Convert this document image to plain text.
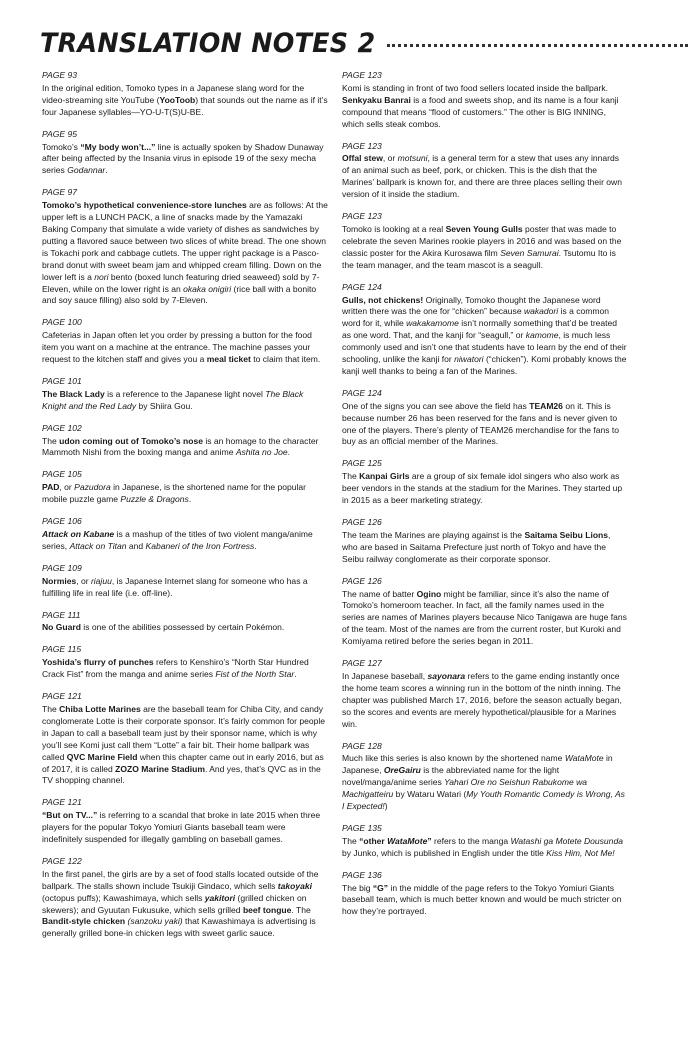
TRANSLATION NOTES 2
PAGE 93
In the original edition, Tomoko types in a Japanese slang word for the video-streaming site YouTube (YooToob) that sounds out the name as if it’s four Japanese syllables—YO-U-T(S)U-BE.
PAGE 95
Tomoko’s “My body won’t...” line is actually spoken by Shadow Dunaway after being affected by the Insania virus in episode 19 of the sexy mecha series Godannar.
PAGE 97
Tomoko’s hypothetical convenience-store lunches are as follows: At the upper left is a LUNCH PACK, a line of snacks made by the Yamazaki Baking Company that simulate a wide variety of dishes as sandwiches by putting a flavored sauce between two slices of white bread. The one shown is Tokachi pork and cabbage cutlets. The upper right package is a Pasco-brand donut with sweet beam jam and whipped cream filling. Down on the lower left is a nori bento (boxed lunch featuring dried seaweed) sold by 7-Eleven, while on the lower right is an okaka onigiri (rice ball with a bonito and soy sauce filling) also sold by 7-Eleven.
PAGE 100
Cafeterias in Japan often let you order by pressing a button for the food item you want on a machine at the entrance. The machine passes your request to the kitchen staff and gives you a meal ticket to claim that item.
PAGE 101
The Black Lady is a reference to the Japanese light novel The Black Knight and the Red Lady by Shiira Gou.
PAGE 102
The udon coming out of Tomoko’s nose is an homage to the character Mammoth Nishi from the boxing manga and anime Ashita no Joe.
PAGE 105
PAD, or Pazudora in Japanese, is the shortened name for the popular mobile puzzle game Puzzle & Dragons.
PAGE 106
Attack on Kabane is a mashup of the titles of two violent manga/anime series, Attack on Titan and Kabaneri of the Iron Fortress.
PAGE 109
Normies, or riajuu, is Japanese Internet slang for someone who has a fulfilling life in real life (i.e. off-line).
PAGE 111
No Guard is one of the abilities possessed by certain Pokémon.
PAGE 115
Yoshida’s flurry of punches refers to Kenshiro’s “North Star Hundred Crack Fist” from the manga and anime series Fist of the North Star.
PAGE 121
The Chiba Lotte Marines are the baseball team for Chiba City, and candy conglomerate Lotte is their corporate sponsor. It’s fairly common for people in Japan to call a baseball team just by their sponsor name, which is why you’ll see Komi just call them “Lotte” a fair bit. Their home ballpark was called QVC Marine Field when this chapter came out in early 2016, but as of 2017, it is called ZOZO Marine Stadium. And yes, that’s QVC as in the TV shopping channel.
PAGE 121
“But on TV...” is referring to a scandal that broke in late 2015 when three players for the popular Tokyo Yomiuri Giants baseball team were indefinitely suspended for illegally gambling on baseball games.
PAGE 122
In the first panel, the girls are by a set of food stalls located outside of the ballpark. The stalls shown include Tsukiji Gindaco, which sells takoyaki (octopus puffs); Kawashimaya, which sells yakitori (grilled chicken on skewers); and Gyuutan Fukusuke, which sells grilled beef tongue. The Bandit-style chicken (sanzoku yaki) that Kawashimaya is advertising is generally grilled bone-in chicken legs with sweet garlic sauce.
PAGE 123
Komi is standing in front of two food sellers located inside the ballpark. Senkyaku Banrai is a food and sweets shop, and its name is a four kanji compound that means “flood of customers.” The other is BIG INNING, which sells steak combos.
PAGE 123
Offal stew, or motsuni, is a general term for a stew that uses any innards of an animal such as beef, pork, or chicken. This is the dish that the Marines’ ballpark is known for, and there are three places selling their own version of it inside the stadium.
PAGE 123
Tomoko is looking at a real Seven Young Gulls poster that was made to celebrate the seven Marines rookie players in 2016 and was based on the classic poster for the Akira Kurosawa film Seven Samurai. Tsutomu Ito is the team manager, and the team mascot is a seagull.
PAGE 124
Gulls, not chickens! Originally, Tomoko thought the Japanese word written there was the one for “chicken” because wakadori is a common word for it, while wakakamome isn’t normally something that’d be treated as one word. That, and the kanji for “seagull,” or kamome, is much less commonly used and isn’t one that students have to learn by the end of their schooling, unlike the kanji for niwatori (“chicken”). Komi probably knows the kanji well thanks to being a fan of the Marines.
PAGE 124
One of the signs you can see above the field has TEAM26 on it. This is because number 26 has been reserved for the fans and is never given to one of the players. There’s plenty of TEAM26 merchandise for the fans to buy as an official member of the Marines.
PAGE 125
The Kanpai Girls are a group of six female idol singers who also work as beer vendors in the stands at the stadium for the Marines. They started up in 2015 as a beer marketing strategy.
PAGE 126
The team the Marines are playing against is the Saitama Seibu Lions, who are based in Saitama Prefecture just north of Tokyo and have the Seibu railway conglomerate as their corporate sponsor.
PAGE 126
The name of batter Ogino might be familiar, since it’s also the name of Tomoko’s homeroom teacher. In fact, all the family names used in the series are names of Marines players because Nico Tanigawa are huge fans of the team. Most of the names are from the current roster, but Kuroki and Komiyama retired before the series began in 2011.
PAGE 127
In Japanese baseball, sayonara refers to the game ending instantly once the home team scores a winning run in the bottom of the ninth inning. The chapter was published March 17, 2016, before the season actually began, so the scores and events are merely hypothetical/plausible for a Marines win.
PAGE 128
Much like this series is also known by the shortened name WataMote in Japanese, OreGairu is the abbreviated name for the light novel/manga/anime series Yahari Ore no Seishun Rabukome wa Machigatteiru by Wataru Watari (My Youth Romantic Comedy is Wrong, As I Expected!)
PAGE 135
The “other WataMote” refers to the manga Watashi ga Motete Dousunda by Junko, which is published in English under the title Kiss Him, Not Me!
PAGE 136
The big “G” in the middle of the page refers to the Tokyo Yomiuri Giants baseball team, which is much better known and would be much stricter on how they’re portrayed.
